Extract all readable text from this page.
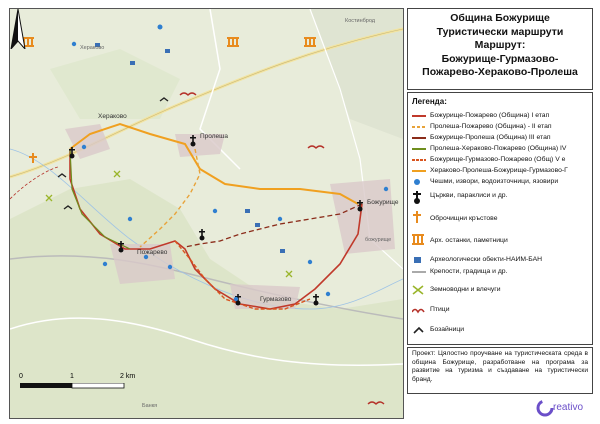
Хераково
Хераково
Пролеша
Божурище
божурище
Пожарево
Гурмазово
Костинброд
Банкя
0	1	2 km
Община Божурище
Туристически маршрути
Маршрут:
Божурище-Гурмазово-
Пожарево-Хераково-Пролеша
Легенда:
Божурище-Пожарево (Община) I етап
Пролеша-Пожарево (Община) - II етап
Божурище-Пролеша (Община) III етап
Пролеша-Хераково-Пожарево (Община) IV
Божурище-Гурмазово-Пожарево (Общ) V е
Хераково-Пролеша-Божурище-Гурмазово-Г
Чешми, извори, водоизточници, язовири
Църкви, параклиси и др.
Оброчищни кръстове
Арх. останки, паметници
Археологически обекти-НАИМ-БАН
Крепости, градища и др.
Земноводни и влечуги
Птици
Бозайници
Проект: Цялостно проучване на туристическата среда в община Божурище, разработване на програма за развитие на туризма и създаване на туристически бранд.
reativo
